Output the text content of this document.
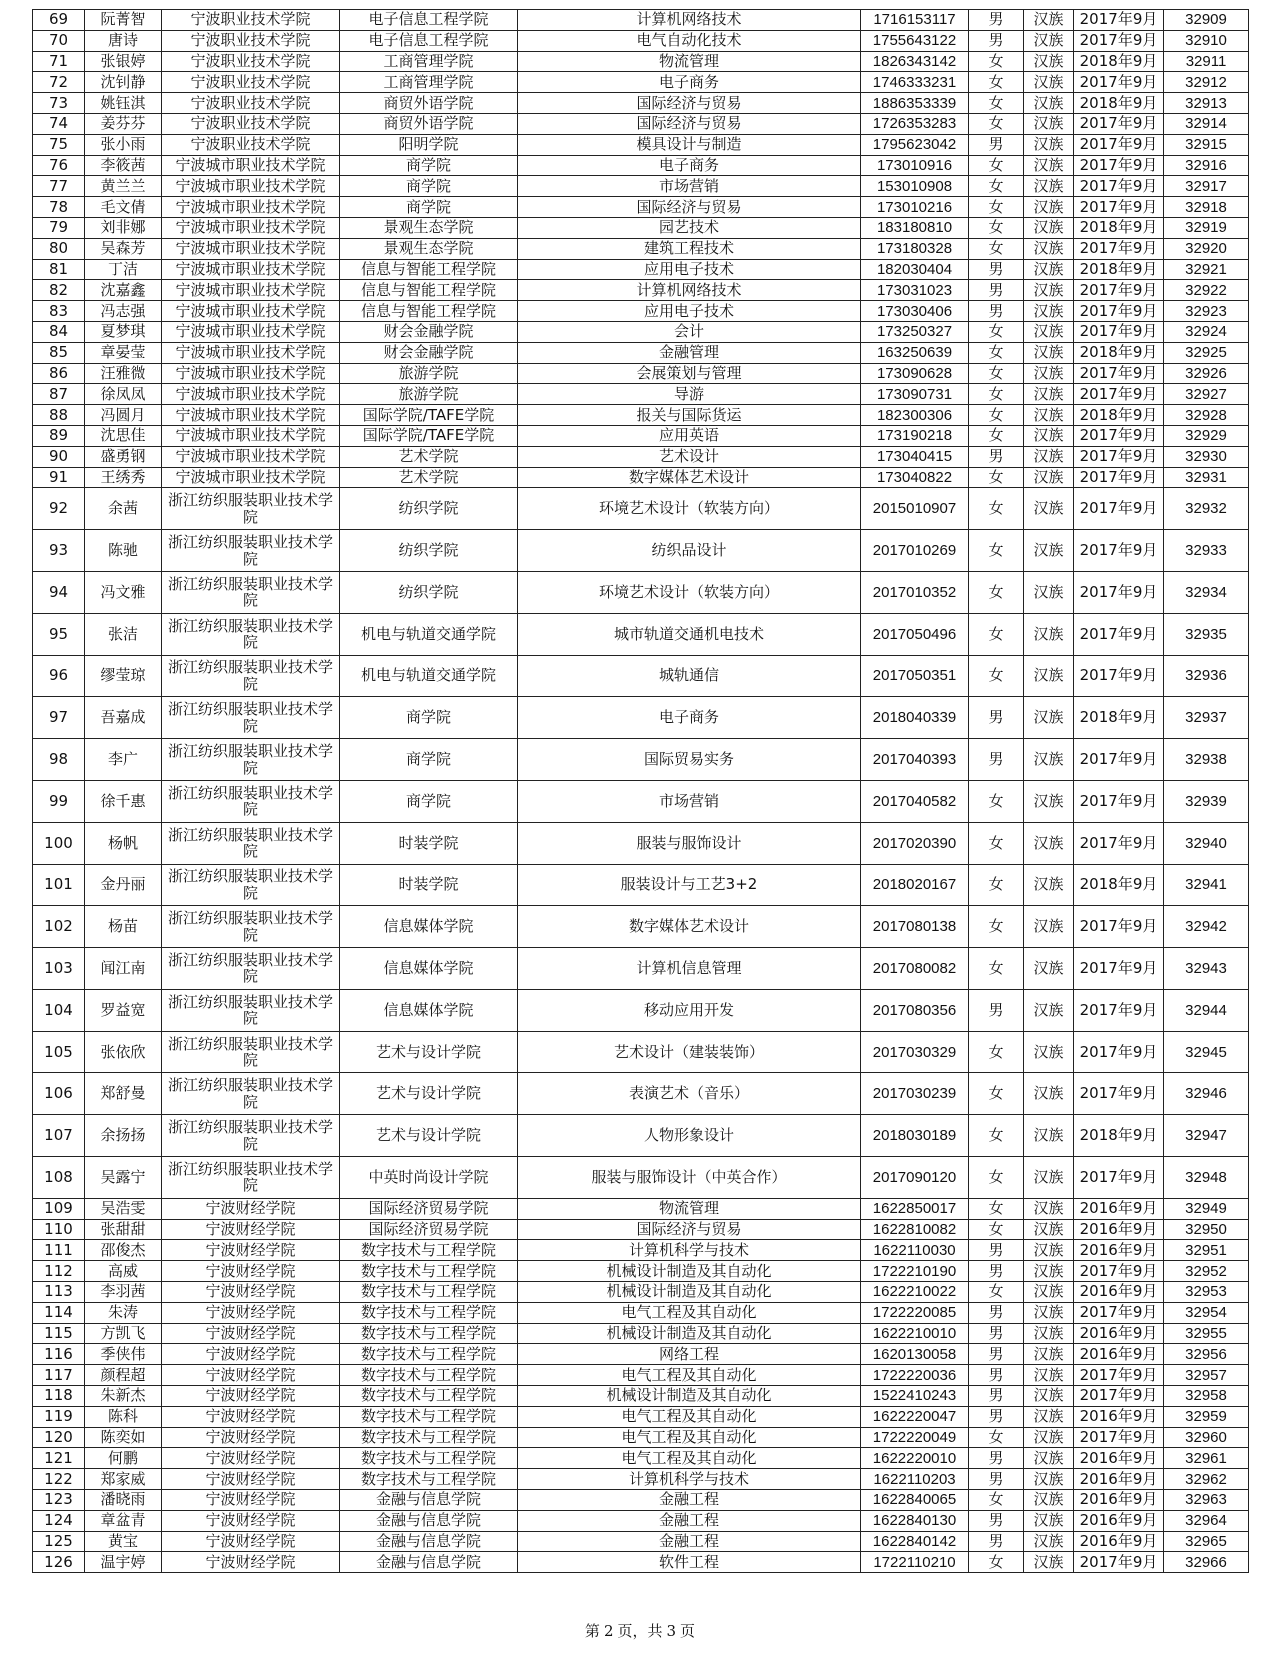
69	阮菁智	宁波职业技术学院	电子信息工程学院	计算机网络技术	1716153117	男	汉族	2017年9月	32909
70	唐诗	宁波职业技术学院	电子信息工程学院	电气自动化技术	1755643122	男	汉族	2017年9月	32910
71	张银婷	宁波职业技术学院	工商管理学院	物流管理	1826343142	女	汉族	2018年9月	32911
72	沈钊静	宁波职业技术学院	工商管理学院	电子商务	1746333231	女	汉族	2017年9月	32912
73	姚钰淇	宁波职业技术学院	商贸外语学院	国际经济与贸易	1886353339	女	汉族	2018年9月	32913
74	姜芬芬	宁波职业技术学院	商贸外语学院	国际经济与贸易	1726353283	女	汉族	2017年9月	32914
75	张小雨	宁波职业技术学院	阳明学院	模具设计与制造	1795623042	男	汉族	2017年9月	32915
76	李筱茜	宁波城市职业技术学院	商学院	电子商务	173010916	女	汉族	2017年9月	32916
77	黄兰兰	宁波城市职业技术学院	商学院	市场营销	153010908	女	汉族	2017年9月	32917
78	毛文倩	宁波城市职业技术学院	商学院	国际经济与贸易	173010216	女	汉族	2017年9月	32918
79	刘非娜	宁波城市职业技术学院	景观生态学院	园艺技术	183180810	女	汉族	2018年9月	32919
80	吴森芳	宁波城市职业技术学院	景观生态学院	建筑工程技术	173180328	女	汉族	2017年9月	32920
81	丁洁	宁波城市职业技术学院	信息与智能工程学院	应用电子技术	182030404	男	汉族	2018年9月	32921
82	沈嘉鑫	宁波城市职业技术学院	信息与智能工程学院	计算机网络技术	173031023	男	汉族	2017年9月	32922
83	冯志强	宁波城市职业技术学院	信息与智能工程学院	应用电子技术	173030406	男	汉族	2017年9月	32923
84	夏梦琪	宁波城市职业技术学院	财会金融学院	会计	173250327	女	汉族	2017年9月	32924
85	章晏莹	宁波城市职业技术学院	财会金融学院	金融管理	163250639	女	汉族	2018年9月	32925
86	汪雅微	宁波城市职业技术学院	旅游学院	会展策划与管理	173090628	女	汉族	2017年9月	32926
87	徐凤凤	宁波城市职业技术学院	旅游学院	导游	173090731	女	汉族	2017年9月	32927
88	冯圆月	宁波城市职业技术学院	国际学院/TAFE学院	报关与国际货运	182300306	女	汉族	2018年9月	32928
89	沈思佳	宁波城市职业技术学院	国际学院/TAFE学院	应用英语	173190218	女	汉族	2017年9月	32929
90	盛勇钢	宁波城市职业技术学院	艺术学院	艺术设计	173040415	男	汉族	2017年9月	32930
91	王绣秀	宁波城市职业技术学院	艺术学院	数字媒体艺术设计	173040822	女	汉族	2017年9月	32931
92	余茜	浙江纺织服装职业技术学院	纺织学院	环境艺术设计（软装方向）	2015010907	女	汉族	2017年9月	32932
93	陈驰	浙江纺织服装职业技术学院	纺织学院	纺织品设计	2017010269	女	汉族	2017年9月	32933
94	冯文雅	浙江纺织服装职业技术学院	纺织学院	环境艺术设计（软装方向）	2017010352	女	汉族	2017年9月	32934
95	张洁	浙江纺织服装职业技术学院	机电与轨道交通学院	城市轨道交通机电技术	2017050496	女	汉族	2017年9月	32935
96	缪莹琼	浙江纺织服装职业技术学院	机电与轨道交通学院	城轨通信	2017050351	女	汉族	2017年9月	32936
97	吾嘉成	浙江纺织服装职业技术学院	商学院	电子商务	2018040339	男	汉族	2018年9月	32937
98	李广	浙江纺织服装职业技术学院	商学院	国际贸易实务	2017040393	男	汉族	2017年9月	32938
99	徐千惠	浙江纺织服装职业技术学院	商学院	市场营销	2017040582	女	汉族	2017年9月	32939
100	杨帆	浙江纺织服装职业技术学院	时装学院	服装与服饰设计	2017020390	女	汉族	2017年9月	32940
101	金丹丽	浙江纺织服装职业技术学院	时装学院	服装设计与工艺3+2	2018020167	女	汉族	2018年9月	32941
102	杨苗	浙江纺织服装职业技术学院	信息媒体学院	数字媒体艺术设计	2017080138	女	汉族	2017年9月	32942
103	闻江南	浙江纺织服装职业技术学院	信息媒体学院	计算机信息管理	2017080082	女	汉族	2017年9月	32943
104	罗益宽	浙江纺织服装职业技术学院	信息媒体学院	移动应用开发	2017080356	男	汉族	2017年9月	32944
105	张依欣	浙江纺织服装职业技术学院	艺术与设计学院	艺术设计（建装装饰）	2017030329	女	汉族	2017年9月	32945
106	郑舒曼	浙江纺织服装职业技术学院	艺术与设计学院	表演艺术（音乐）	2017030239	女	汉族	2017年9月	32946
107	余扬扬	浙江纺织服装职业技术学院	艺术与设计学院	人物形象设计	2018030189	女	汉族	2018年9月	32947
108	吴露宁	浙江纺织服装职业技术学院	中英时尚设计学院	服装与服饰设计（中英合作）	2017090120	女	汉族	2017年9月	32948
109	吴浩雯	宁波财经学院	国际经济贸易学院	物流管理	1622850017	女	汉族	2016年9月	32949
110	张甜甜	宁波财经学院	国际经济贸易学院	国际经济与贸易	1622810082	女	汉族	2016年9月	32950
111	邵俊杰	宁波财经学院	数字技术与工程学院	计算机科学与技术	1622110030	男	汉族	2016年9月	32951
112	高威	宁波财经学院	数字技术与工程学院	机械设计制造及其自动化	1722210190	男	汉族	2017年9月	32952
113	李羽茜	宁波财经学院	数字技术与工程学院	机械设计制造及其自动化	1622210022	女	汉族	2016年9月	32953
114	朱涛	宁波财经学院	数字技术与工程学院	电气工程及其自动化	1722220085	男	汉族	2017年9月	32954
115	方凯飞	宁波财经学院	数字技术与工程学院	机械设计制造及其自动化	1622210010	男	汉族	2016年9月	32955
116	季侠伟	宁波财经学院	数字技术与工程学院	网络工程	1620130058	男	汉族	2016年9月	32956
117	颜程超	宁波财经学院	数字技术与工程学院	电气工程及其自动化	1722220036	男	汉族	2017年9月	32957
118	朱新杰	宁波财经学院	数字技术与工程学院	机械设计制造及其自动化	1522410243	男	汉族	2017年9月	32958
119	陈科	宁波财经学院	数字技术与工程学院	电气工程及其自动化	1622220047	男	汉族	2016年9月	32959
120	陈奕如	宁波财经学院	数字技术与工程学院	电气工程及其自动化	1722220049	女	汉族	2017年9月	32960
121	何鹏	宁波财经学院	数字技术与工程学院	电气工程及其自动化	1622220010	男	汉族	2016年9月	32961
122	郑家威	宁波财经学院	数字技术与工程学院	计算机科学与技术	1622110203	男	汉族	2016年9月	32962
123	潘晓雨	宁波财经学院	金融与信息学院	金融工程	1622840065	女	汉族	2016年9月	32963
124	章盆青	宁波财经学院	金融与信息学院	金融工程	1622840130	男	汉族	2016年9月	32964
125	黄宝	宁波财经学院	金融与信息学院	金融工程	1622840142	男	汉族	2016年9月	32965
126	温宇婷	宁波财经学院	金融与信息学院	软件工程	1722110210	女	汉族	2017年9月	32966
第 2 页，共 3 页
